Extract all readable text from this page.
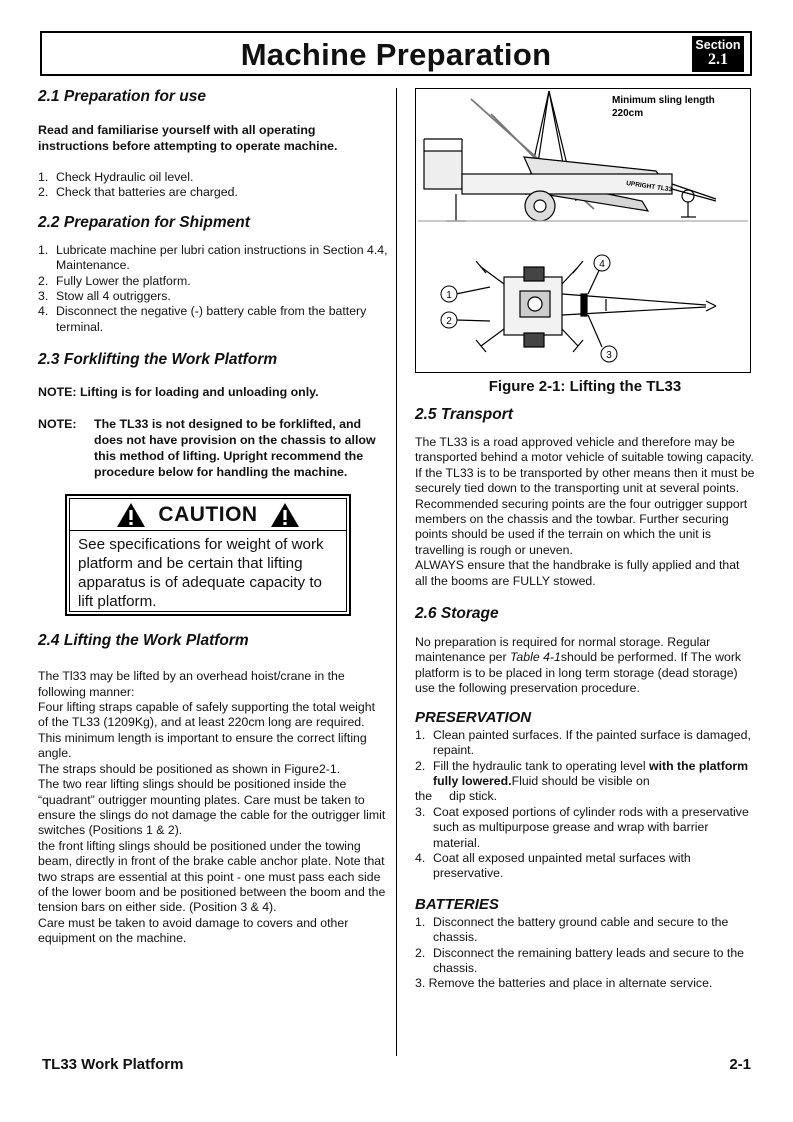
Machine Preparation	Section
2.1
2.1 Preparation for use

Read and familiarise yourself with all operating instructions before attempting to operate machine.

1. Check Hydraulic oil level.
2. Check that batteries are charged.
2.2 Preparation for Shipment
1. Lubricate machine per lubri cation instructions in Section 4.4, Maintenance.
2. Fully Lower the platform.
3. Stow all 4 outriggers.
4. Disconnect the negative (-) battery cable from the battery terminal.
2.3 Forklifting the Work Platform

NOTE: Lifting is for loading and unloading only.

NOTE:	The TL33 is not designed to be forklifted, and does not have provision on the chassis to allow this method of lifting. Upright recommend the procedure below for handling the machine.
CAUTION
See specifications for weight of work platform and be certain that lifting apparatus is of adequate capacity to lift platform.
2.4 Lifting the Work Platform

The Tl33 may be lifted by an overhead hoist/crane in the following manner:

Four lifting straps capable of safely supporting the total weight of the TL33 (1209Kg), and at least 220cm long are required. This minimum length is important to ensure the correct lifting angle.

The straps should be positioned as shown in Figure2-1.

The two rear lifting slings should be positioned inside the “quadrant” outrigger mounting plates. Care must be taken to ensure the slings do not damage the cable for the outrigger limit switches (Positions 1 & 2).

the front lifting slings should be positioned under the towing beam, directly in front of the brake cable anchor plate. Note that two straps are essential at this point - one must pass each side of the lower boom and be positioned between the boom and the tension bars on either side. (Position 3 & 4).

Care must be taken to avoid damage to covers and other equipment on the machine.

UPRIGHT TL33
Minimum sling length
220cm
1
2
3
4
Figure 2-1: Lifting the TL33
2.5 Transport

The TL33 is a road approved vehicle and therefore may be transported behind a motor vehicle of suitable towing capacity.

If the TL33 is to be transported by other means then it must be securely tied down to the transporting unit at several points.

Recommended securing points are the four outrigger support members on the chassis and the towbar. Further securing points should be used if the terrain on which the unit is travelling is rough or uneven.

ALWAYS ensure that the handbrake is fully applied and that all the booms are FULLY stowed.

2.6 Storage

No preparation is required for normal storage. Regular maintenance per Table 4-1should be performed. If The work platform is to be placed in long term storage (dead storage) use the following preservation procedure.

PRESERVATION
1. Clean painted surfaces. If the painted surface is damaged, repaint.
2. Fill the hydraulic tank to operating level with the platform fully lowered.Fluid should be visible on
the     dip stick.
3. Coat exposed portions of cylinder rods with a preservative such as multipurpose grease and wrap with barrier material.
4. Coat all exposed unpainted metal surfaces with preservative.
BATTERIES
1. Disconnect the battery ground cable and secure to the chassis.
2. Disconnect the remaining battery leads and secure to the chassis.
3. Remove the batteries and place in alternate service.
TL33 Work Platform	2-1
